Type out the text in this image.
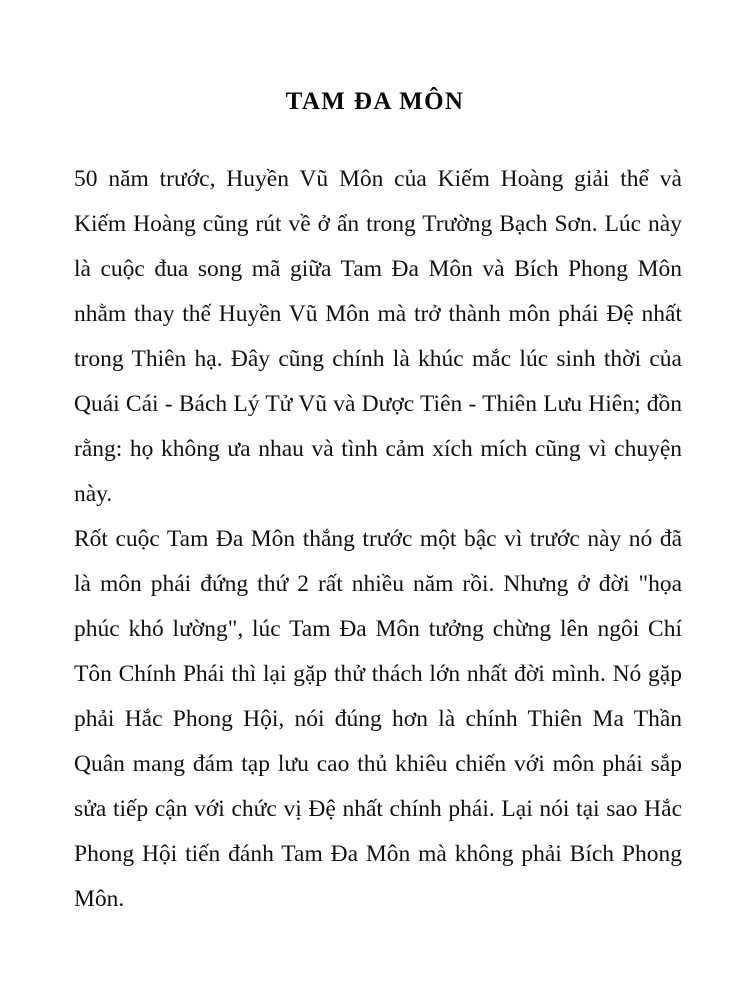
TAM ĐA MÔN

50 năm trước, Huyền Vũ Môn của Kiếm Hoàng giải thể và Kiếm Hoàng cũng rút về ở ẩn trong Trường Bạch Sơn. Lúc này là cuộc đua song mã giữa Tam Đa Môn và Bích Phong Môn nhằm thay thế Huyền Vũ Môn mà trở thành môn phái Đệ nhất trong Thiên hạ. Đây cũng chính là khúc mắc lúc sinh thời của Quái Cái - Bách Lý Tử Vũ và Dược Tiên - Thiên Lưu Hiên; đồn rằng: họ không ưa nhau và tình cảm xích mích cũng vì chuyện này.

Rốt cuộc Tam Đa Môn thắng trước một bậc vì trước này nó đã là môn phái đứng thứ 2 rất nhiều năm rồi. Nhưng ở đời "họa phúc khó lường", lúc Tam Đa Môn tưởng chừng lên ngôi Chí Tôn Chính Phái thì lại gặp thử thách lớn nhất đời mình. Nó gặp phải Hắc Phong Hội, nói đúng hơn là chính Thiên Ma Thần Quân mang đám tạp lưu cao thủ khiêu chiến với môn phái sắp sửa tiếp cận với chức vị Đệ nhất chính phái. Lại nói tại sao Hắc Phong Hội tiến đánh Tam Đa Môn mà không phải Bích Phong Môn.
